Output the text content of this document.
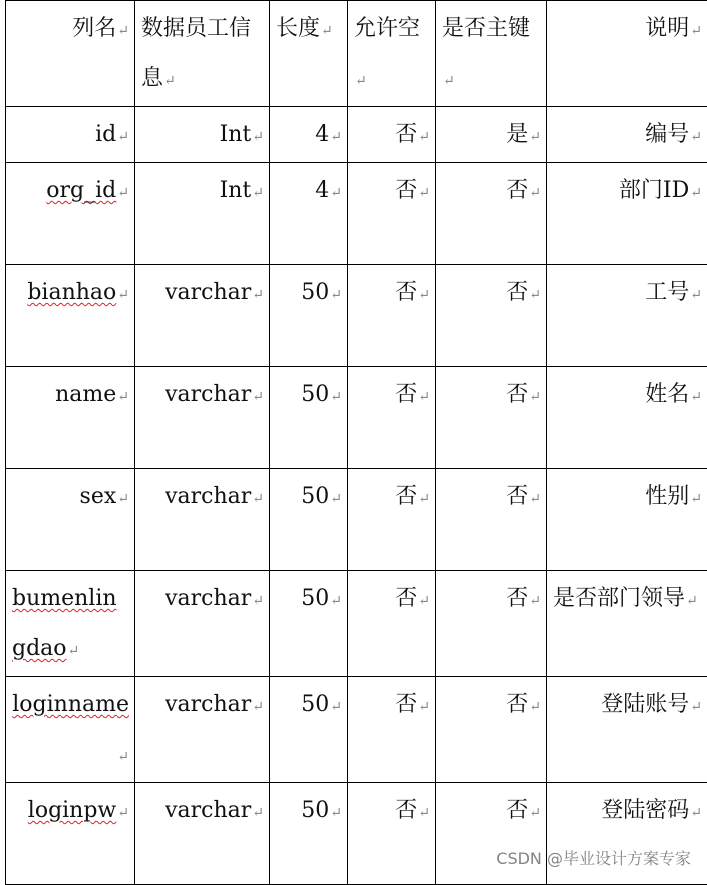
列名↵	数据员工信息↵	长度↵	允许空↵	是否主键↵	说明↵
id↵	Int↵	4↵	否↵	是↵	编号↵
org_id↵	Int↵	4↵	否↵	否↵	部门ID↵
bianhao↵	varchar↵	50↵	否↵	否↵	工号↵
name↵	varchar↵	50↵	否↵	否↵	姓名↵
sex↵	varchar↵	50↵	否↵	否↵	性别↵
bumenlingdao↵	varchar↵	50↵	否↵	否↵	是否部门领导↵
loginname↵	varchar↵	50↵	否↵	否↵	登陆账号↵
loginpw↵	varchar↵	50↵	否↵	否↵	登陆密码↵
CSDN @毕业设计方案专家
